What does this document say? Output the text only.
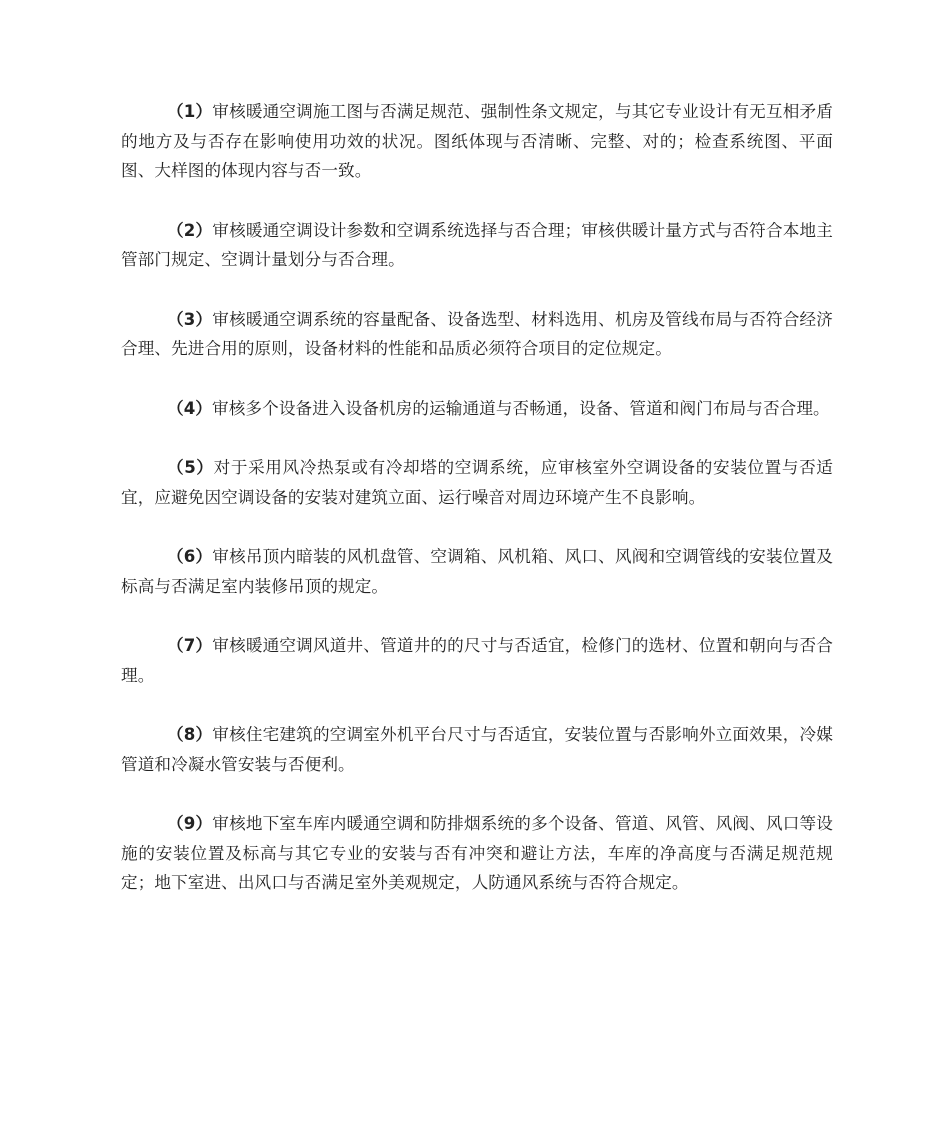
（1）审核暖通空调施工图与否满足规范、强制性条文规定，与其它专业设计有无互相矛盾的地方及与否存在影响使用功效的状况。图纸体现与否清晰、完整、对的；检查系统图、平面图、大样图的体现内容与否一致。

（2）审核暖通空调设计参数和空调系统选择与否合理；审核供暖计量方式与否符合本地主管部门规定、空调计量划分与否合理。

（3）审核暖通空调系统的容量配备、设备选型、材料选用、机房及管线布局与否符合经济合理、先进合用的原则，设备材料的性能和品质必须符合项目的定位规定。

（4）审核多个设备进入设备机房的运输通道与否畅通，设备、管道和阀门布局与否合理。

（5）对于采用风冷热泵或有冷却塔的空调系统，应审核室外空调设备的安装位置与否适宜，应避免因空调设备的安装对建筑立面、运行噪音对周边环境产生不良影响。

（6）审核吊顶内暗装的风机盘管、空调箱、风机箱、风口、风阀和空调管线的安装位置及标高与否满足室内装修吊顶的规定。

（7）审核暖通空调风道井、管道井的的尺寸与否适宜，检修门的选材、位置和朝向与否合理。

（8）审核住宅建筑的空调室外机平台尺寸与否适宜，安装位置与否影响外立面效果，冷媒管道和冷凝水管安装与否便利。

（9）审核地下室车库内暖通空调和防排烟系统的多个设备、管道、风管、风阀、风口等设施的安装位置及标高与其它专业的安装与否有冲突和避让方法，车库的净高度与否满足规范规定；地下室进、出风口与否满足室外美观规定，人防通风系统与否符合规定。
